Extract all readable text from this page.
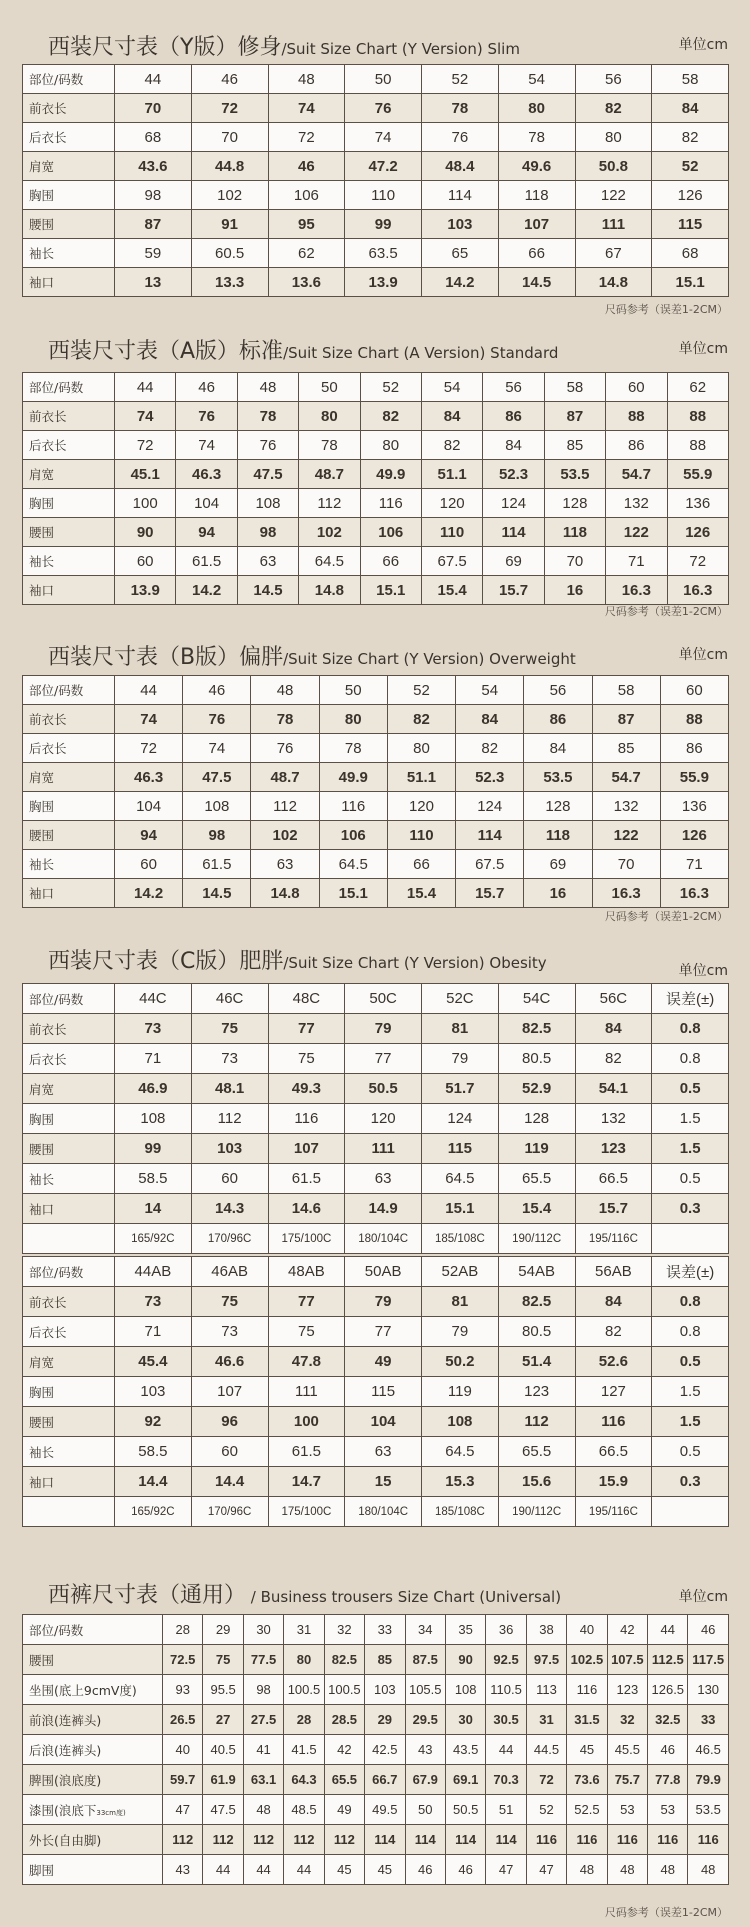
西装尺寸表（Y版）修身/Suit Size Chart (Y Version) Slim	单位cm
部位/码数	44	46	48	50	52	54	56	58
前衣长	70	72	74	76	78	80	82	84
后衣长	68	70	72	74	76	78	80	82
肩宽	43.6	44.8	46	47.2	48.4	49.6	50.8	52
胸围	98	102	106	110	114	118	122	126
腰围	87	91	95	99	103	107	111	115
袖长	59	60.5	62	63.5	65	66	67	68
袖口	13	13.3	13.6	13.9	14.2	14.5	14.8	15.1
尺码参考（误差1-2CM）
西装尺寸表（A版）标准/Suit Size Chart (A Version) Standard	单位cm
部位/码数	44	46	48	50	52	54	56	58	60	62
前衣长	74	76	78	80	82	84	86	87	88	88
后衣长	72	74	76	78	80	82	84	85	86	88
肩宽	45.1	46.3	47.5	48.7	49.9	51.1	52.3	53.5	54.7	55.9
胸围	100	104	108	112	116	120	124	128	132	136
腰围	90	94	98	102	106	110	114	118	122	126
袖长	60	61.5	63	64.5	66	67.5	69	70	71	72
袖口	13.9	14.2	14.5	14.8	15.1	15.4	15.7	16	16.3	16.3
尺码参考（误差1-2CM）
西装尺寸表（B版）偏胖/Suit Size Chart (Y Version) Overweight	单位cm
部位/码数	44	46	48	50	52	54	56	58	60
前衣长	74	76	78	80	82	84	86	87	88
后衣长	72	74	76	78	80	82	84	85	86
肩宽	46.3	47.5	48.7	49.9	51.1	52.3	53.5	54.7	55.9
胸围	104	108	112	116	120	124	128	132	136
腰围	94	98	102	106	110	114	118	122	126
袖长	60	61.5	63	64.5	66	67.5	69	70	71
袖口	14.2	14.5	14.8	15.1	15.4	15.7	16	16.3	16.3
尺码参考（误差1-2CM）
西装尺寸表（C版）肥胖/Suit Size Chart (Y Version) Obesity	单位cm
部位/码数	44C	46C	48C	50C	52C	54C	56C	误差(±)
前衣长	73	75	77	79	81	82.5	84	0.8
后衣长	71	73	75	77	79	80.5	82	0.8
肩宽	46.9	48.1	49.3	50.5	51.7	52.9	54.1	0.5
胸围	108	112	116	120	124	128	132	1.5
腰围	99	103	107	111	115	119	123	1.5
袖长	58.5	60	61.5	63	64.5	65.5	66.5	0.5
袖口	14	14.3	14.6	14.9	15.1	15.4	15.7	0.3
	165/92C	170/96C	175/100C	180/104C	185/108C	190/112C	195/116C	
部位/码数	44AB	46AB	48AB	50AB	52AB	54AB	56AB	误差(±)
前衣长	73	75	77	79	81	82.5	84	0.8
后衣长	71	73	75	77	79	80.5	82	0.8
肩宽	45.4	46.6	47.8	49	50.2	51.4	52.6	0.5
胸围	103	107	111	115	119	123	127	1.5
腰围	92	96	100	104	108	112	116	1.5
袖长	58.5	60	61.5	63	64.5	65.5	66.5	0.5
袖口	14.4	14.4	14.7	15	15.3	15.6	15.9	0.3
	165/92C	170/96C	175/100C	180/104C	185/108C	190/112C	195/116C	
西裤尺寸表（通用） / Business trousers Size Chart (Universal)	单位cm
部位/码数	28	29	30	31	32	33	34	35	36	38	40	42	44	46
腰围	72.5	75	77.5	80	82.5	85	87.5	90	92.5	97.5	102.5	107.5	112.5	117.5
坐围(底上9cmV度)	93	95.5	98	100.5	100.5	103	105.5	108	110.5	113	116	123	126.5	130
前浪(连裤头)	26.5	27	27.5	28	28.5	29	29.5	30	30.5	31	31.5	32	32.5	33
后浪(连裤头)	40	40.5	41	41.5	42	42.5	43	43.5	44	44.5	45	45.5	46	46.5
脾围(浪底度)	59.7	61.9	63.1	64.3	65.5	66.7	67.9	69.1	70.3	72	73.6	75.7	77.8	79.9
漆围(浪底下33cm度)	47	47.5	48	48.5	49	49.5	50	50.5	51	52	52.5	53	53	53.5
外长(自由脚)	112	112	112	112	112	114	114	114	114	116	116	116	116	116
脚围	43	44	44	44	45	45	46	46	47	47	48	48	48	48
尺码参考（误差1-2CM）
